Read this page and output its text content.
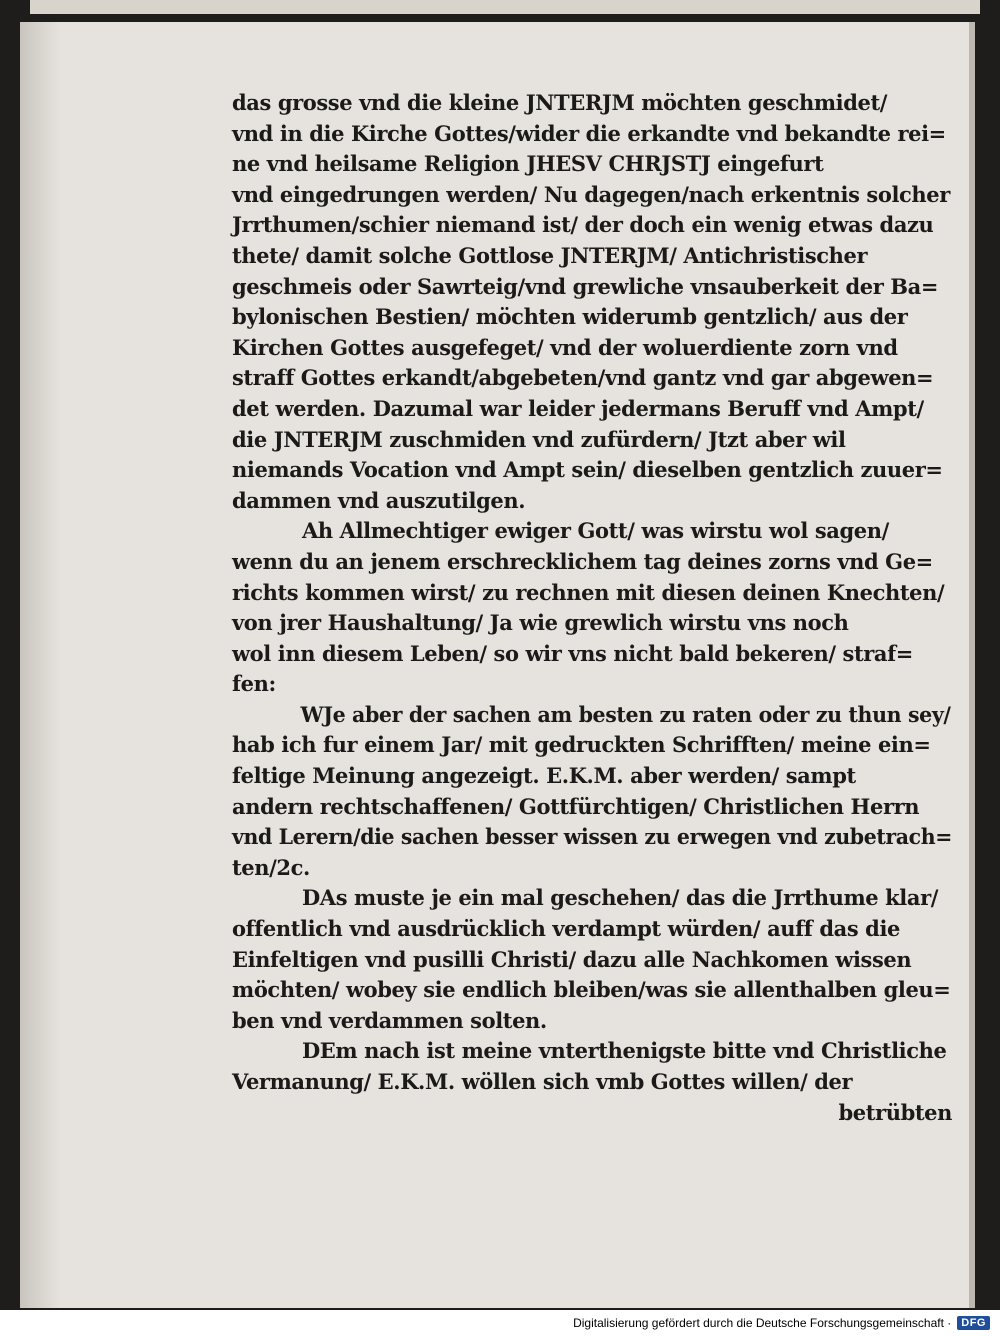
das grosse vnd die kleine JNTERJM möchten geschmidet/
vnd in die Kirche Gottes/wider die erkandte vnd bekandte rei=
ne vnd heilsame Religion JHESV CHRJSTJ eingefurt
vnd eingedrungen werden/ Nu dagegen/nach erkentnis solcher
Jrrthumen/schier niemand ist/ der doch ein wenig etwas dazu
thete/ damit solche Gottlose JNTERJM/ Antichristischer
geschmeis oder Sawrteig/vnd grewliche vnsauberkeit der Ba=
bylonischen Bestien/ möchten widerumb gentzlich/ aus der
Kirchen Gottes ausgefeget/ vnd der woluerdiente zorn vnd
straff Gottes erkandt/abgebeten/vnd gantz vnd gar abgewen=
det werden. Dazumal war leider jedermans Beruff vnd Ampt/
die JNTERJM zuschmiden vnd zufürdern/ Jtzt aber wil
niemands Vocation vnd Ampt sein/ dieselben gentzlich zuuer=
dammen vnd auszutilgen.
Ah Allmechtiger ewiger Gott/ was wirstu wol sagen/
wenn du an jenem erschrecklichem tag deines zorns vnd Ge=
richts kommen wirst/ zu rechnen mit diesen deinen Knechten/
von jrer Haushaltung/ Ja wie grewlich wirstu vns noch
wol inn diesem Leben/ so wir vns nicht bald bekeren/ straf=
fen:
WJe aber der sachen am besten zu raten oder zu thun sey/
hab ich fur einem Jar/ mit gedruckten Schrifften/ meine ein=
feltige Meinung angezeigt. E.K.M. aber werden/ sampt
andern rechtschaffenen/ Gottfürchtigen/ Christlichen Herrn
vnd Lerern/die sachen besser wissen zu erwegen vnd zubetrach=
ten/2c.
DAs muste je ein mal geschehen/ das die Jrrthume klar/
offentlich vnd ausdrücklich verdampt würden/ auff das die
Einfeltigen vnd pusilli Christi/ dazu alle Nachkomen wissen
möchten/ wobey sie endlich bleiben/was sie allenthalben gleu=
ben vnd verdammen solten.
DEm nach ist meine vnterthenigste bitte vnd Christliche
Vermanung/ E.K.M. wöllen sich vmb Gottes willen/ der
betrübten
Digitalisierung gefördert durch die Deutsche Forschungsgemeinschaft · DFG
